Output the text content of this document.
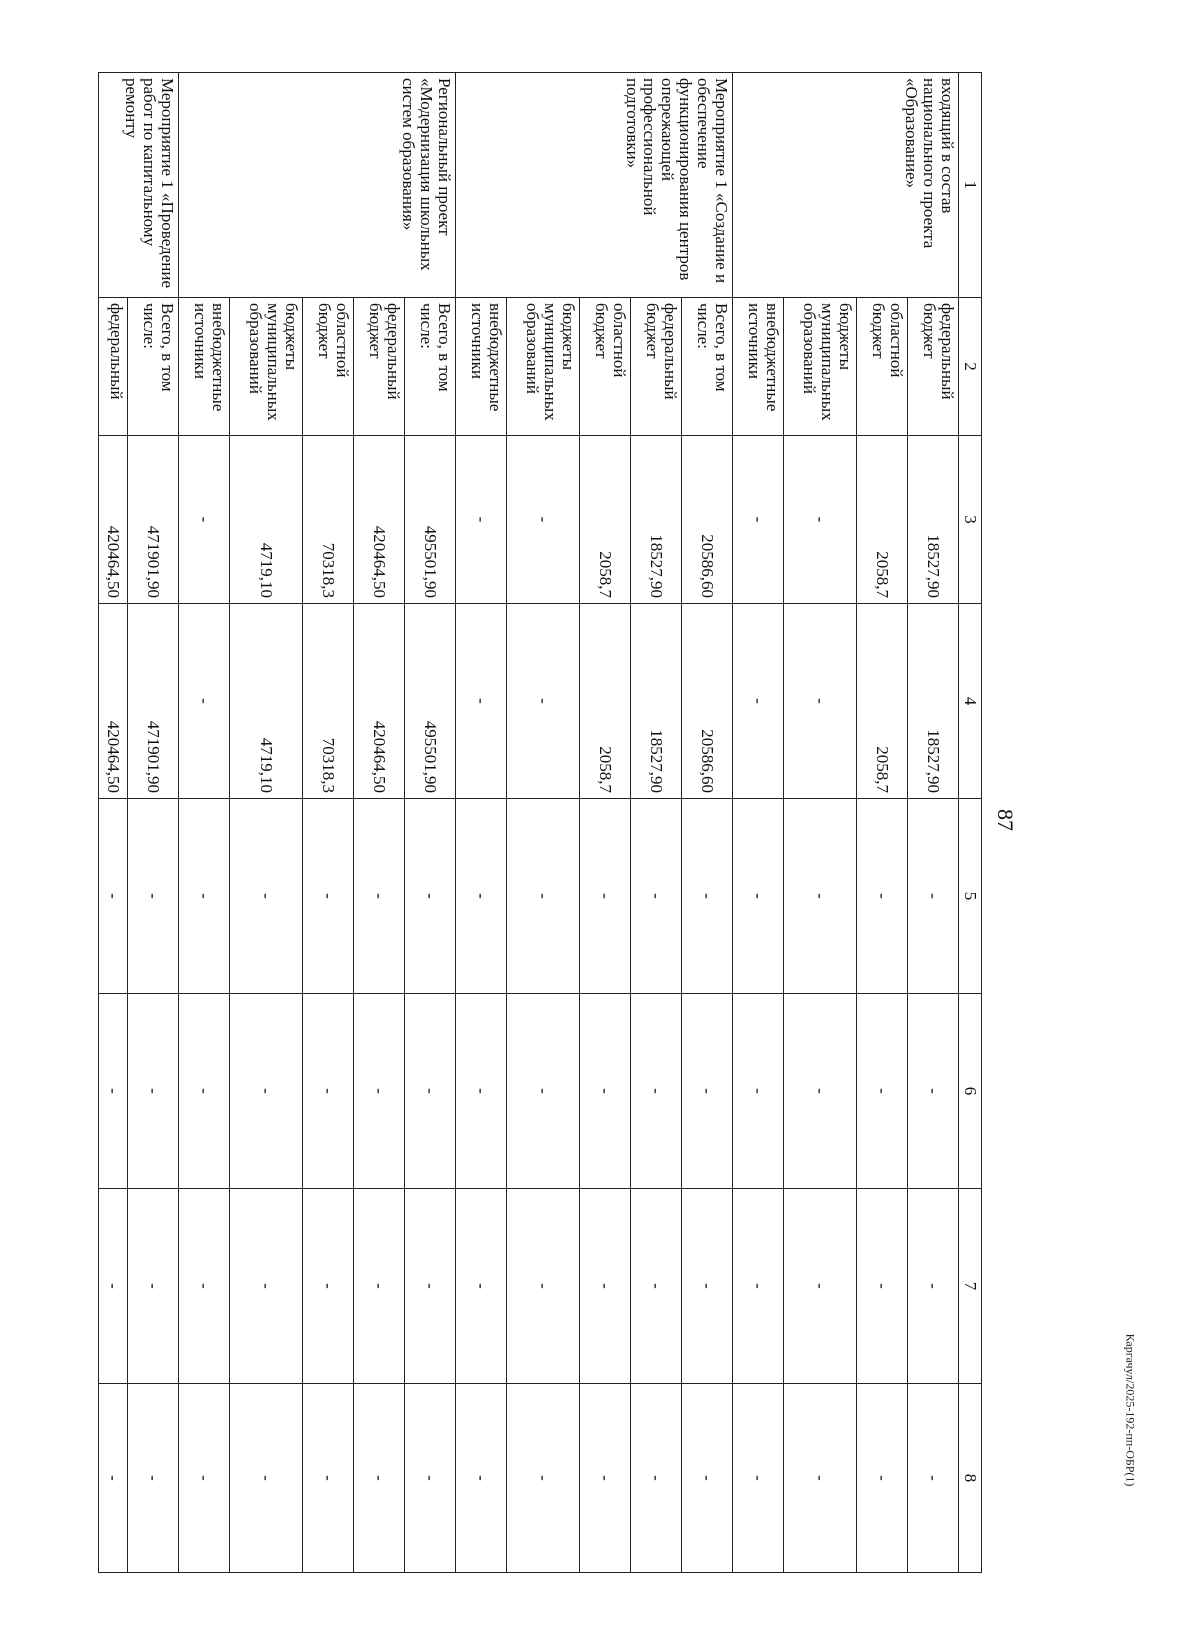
87
Каргачул/2025-192-пп-ОБР(1)
1	2	3	4	5	6	7	8
входящий в состав национального проекта «Образование»	федеральный бюджет	18527,90	18527,90	-	-	-	-
	областной бюджет	2058,7	2058,7	-	-	-	-
	бюджеты муниципальных образований	-	-	-	-	-	-
	внебюджетные источники	-	-	-	-	-	-
Мероприятие 1 «Создание и обеспечение функционирования центров опережающей профессиональной подготовки»	Всего, в том числе:	20586,60	20586,60	-	-	-	-
	федеральный бюджет	18527,90	18527,90	-	-	-	-
	областной бюджет	2058,7	2058,7	-	-	-	-
	бюджеты муниципальных образований	-	-	-	-	-	-
	внебюджетные источники	-	-	-	-	-	-
Региональный проект «Модернизация школьных систем образования»	Всего, в том числе:	495501,90	495501,90	-	-	-	-
	федеральный бюджет	420464,50	420464,50	-	-	-	-
	областной бюджет	70318,3	70318,3	-	-	-	-
	бюджеты муниципальных образований	4719,10	4719,10	-	-	-	-
	внебюджетные источники	-	-	-	-	-	-
Мероприятие 1 «Проведение работ по капитальному ремонту	Всего, в том числе:	471901,90	471901,90	-	-	-	-
	федеральный	420464,50	420464,50	-	-	-	-
